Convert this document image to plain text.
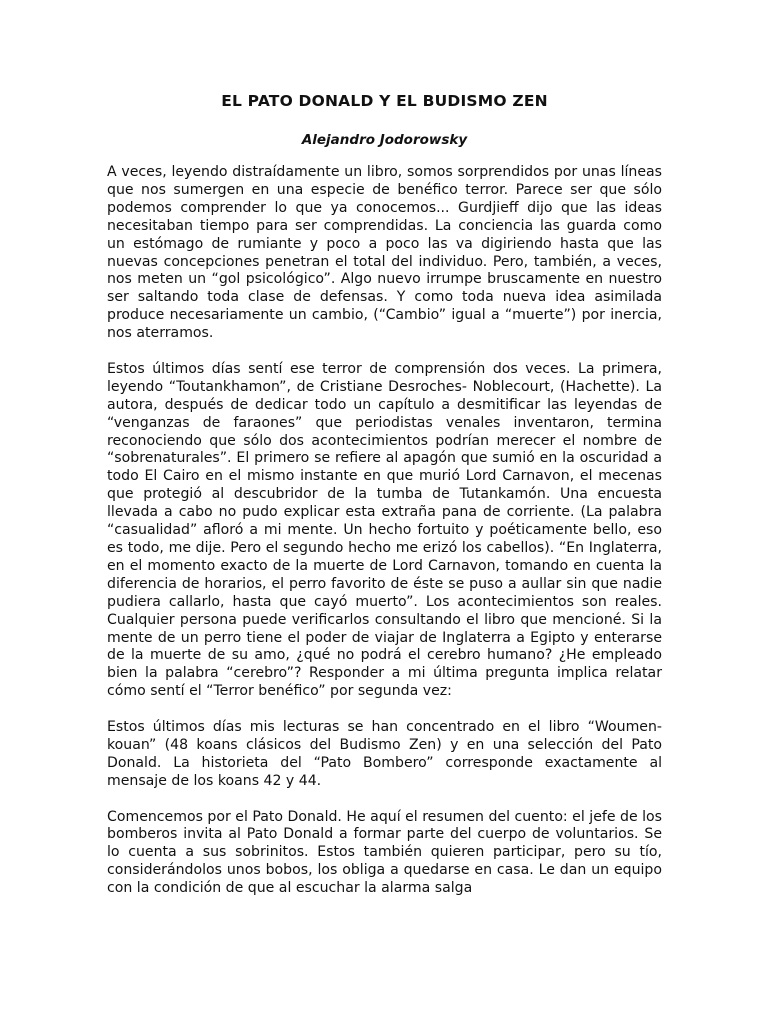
EL PATO DONALD Y EL BUDISMO ZEN
Alejandro Jodorowsky

A veces, leyendo distraídamente un libro, somos sorprendidos por unas líneas que nos sumergen en una especie de benéfico terror. Parece ser que sólo podemos comprender lo que ya conocemos... Gurdjieff dijo que las ideas necesitaban tiempo para ser comprendidas. La conciencia las guarda como un estómago de rumiante y poco a poco las va digiriendo hasta que las nuevas concepciones penetran el total del individuo. Pero, también, a veces, nos meten un “gol psicológico”. Algo nuevo irrumpe bruscamente en nuestro ser saltando toda clase de defensas. Y como toda nueva idea asimilada produce necesariamente un cambio, (“Cambio” igual a “muerte”) por inercia, nos aterramos.

Estos últimos días sentí ese terror de comprensión dos veces. La primera, leyendo “Toutankhamon”, de Cristiane Desroches- Noblecourt, (Hachette). La autora, después de dedicar todo un capítulo a desmitificar las leyendas de “venganzas de faraones” que periodistas venales inventaron, termina reconociendo que sólo dos acontecimientos podrían merecer el nombre de “sobrenaturales”. El primero se refiere al apagón que sumió en la oscuridad a todo El Cairo en el mismo instante en que murió Lord Carnavon, el mecenas que protegió al descubridor de la tumba de Tutankamón. Una encuesta llevada a cabo no pudo explicar esta extraña pana de corriente. (La palabra “casualidad” afloró a mi mente. Un hecho fortuito y poéticamente bello, eso es todo, me dije. Pero el segundo hecho me erizó los cabellos). “En Inglaterra, en el momento exacto de la muerte de Lord Carnavon, tomando en cuenta la diferencia de horarios, el perro favorito de éste se puso a aullar sin que nadie pudiera callarlo, hasta que cayó muerto”. Los acontecimientos son reales. Cualquier persona puede verificarlos consultando el libro que mencioné. Si la mente de un perro tiene el poder de viajar de Inglaterra a Egipto y enterarse de la muerte de su amo, ¿qué no podrá el cerebro humano? ¿He empleado bien la palabra “cerebro”? Responder a mi última pregunta implica relatar cómo sentí el “Terror benéfico” por segunda vez:

Estos últimos días mis lecturas se han concentrado en el libro “Woumen-kouan” (48 koans clásicos del Budismo Zen) y en una selección del Pato Donald. La historieta del “Pato Bombero” corresponde exactamente al mensaje de los koans 42 y 44.

Comencemos por el Pato Donald. He aquí el resumen del cuento: el jefe de los bomberos invita al Pato Donald a formar parte del cuerpo de voluntarios. Se lo cuenta a sus sobrinitos. Estos también quieren participar, pero su tío, considerándolos unos bobos, los obliga a quedarse en casa. Le dan un equipo con la condición de que al escuchar la alarma salga
